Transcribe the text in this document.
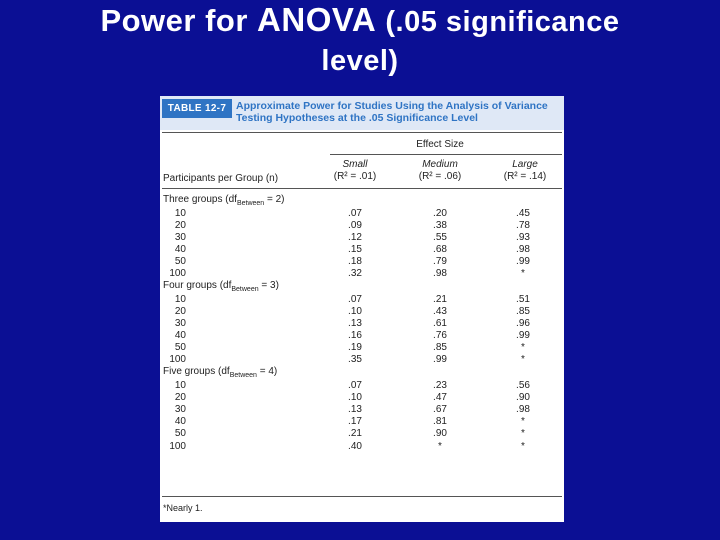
Power for ANOVA (.05 significance
level)
TABLE 12-7 Approximate Power for Studies Using the Analysis of Variance
Testing Hypotheses at the .05 Significance Level
Effect Size
Small
(R² = .01)
Medium
(R² = .06)
Large
(R² = .14)
Participants per Group (n)
Three groups $(df_{Between} = 2)$
10	.07	.20	.45
20	.09	.38	.78
30	.12	.55	.93
40	.15	.68	.98
50	.18	.79	.99
100	.32	.98	*
Four groups $(df_{Between} = 3)$
10	.07	.21	.51
20	.10	.43	.85
30	.13	.61	.96
40	.16	.76	.99
50	.19	.85	*
100	.35	.99	*
Five groups $(df_{Between} = 4)$
10	.07	.23	.56
20	.10	.47	.90
30	.13	.67	.98
40	.17	.81	*
50	.21	.90	*
100	.40	*	*
*Nearly 1.
